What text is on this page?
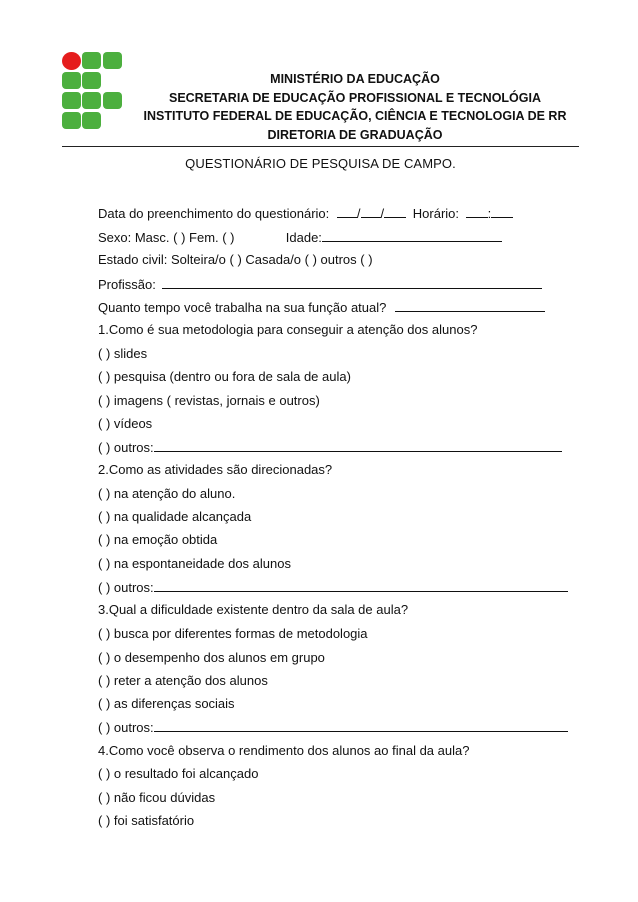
MINISTÉRIO DA EDUCAÇÃO
SECRETARIA DE EDUCAÇÃO PROFISSIONAL E TECNOLÓGIA
INSTITUTO FEDERAL DE EDUCAÇÃO, CIÊNCIA E TECNOLOGIA DE RR
DIRETORIA DE GRADUAÇÃO
QUESTIONÁRIO DE PESQUISA DE CAMPO.
Data do preenchimento do questionário: / / Horário: :
Sexo: Masc. ( ) Fem. ( )	Idade:
Estado civil: Solteira/o ( ) Casada/o ( ) outros ( )
Profissão:
Quanto tempo você trabalha na sua função atual?
1.Como é sua metodologia para conseguir a atenção dos alunos?
( ) slides
( ) pesquisa (dentro ou fora de sala de aula)
( ) imagens ( revistas, jornais e outros)
( ) vídeos
( ) outros:
2.Como as atividades são direcionadas?
( ) na atenção do aluno.
( ) na qualidade alcançada
( ) na emoção obtida
( ) na espontaneidade dos alunos
( ) outros:
3.Qual a dificuldade existente dentro da sala de aula?
( ) busca por diferentes formas de metodologia
( ) o desempenho dos alunos em grupo
( ) reter a atenção dos alunos
( ) as diferenças sociais
( ) outros:
4.Como você observa o rendimento dos alunos ao final da aula?
( ) o resultado foi alcançado
( ) não ficou dúvidas
( ) foi satisfatório
